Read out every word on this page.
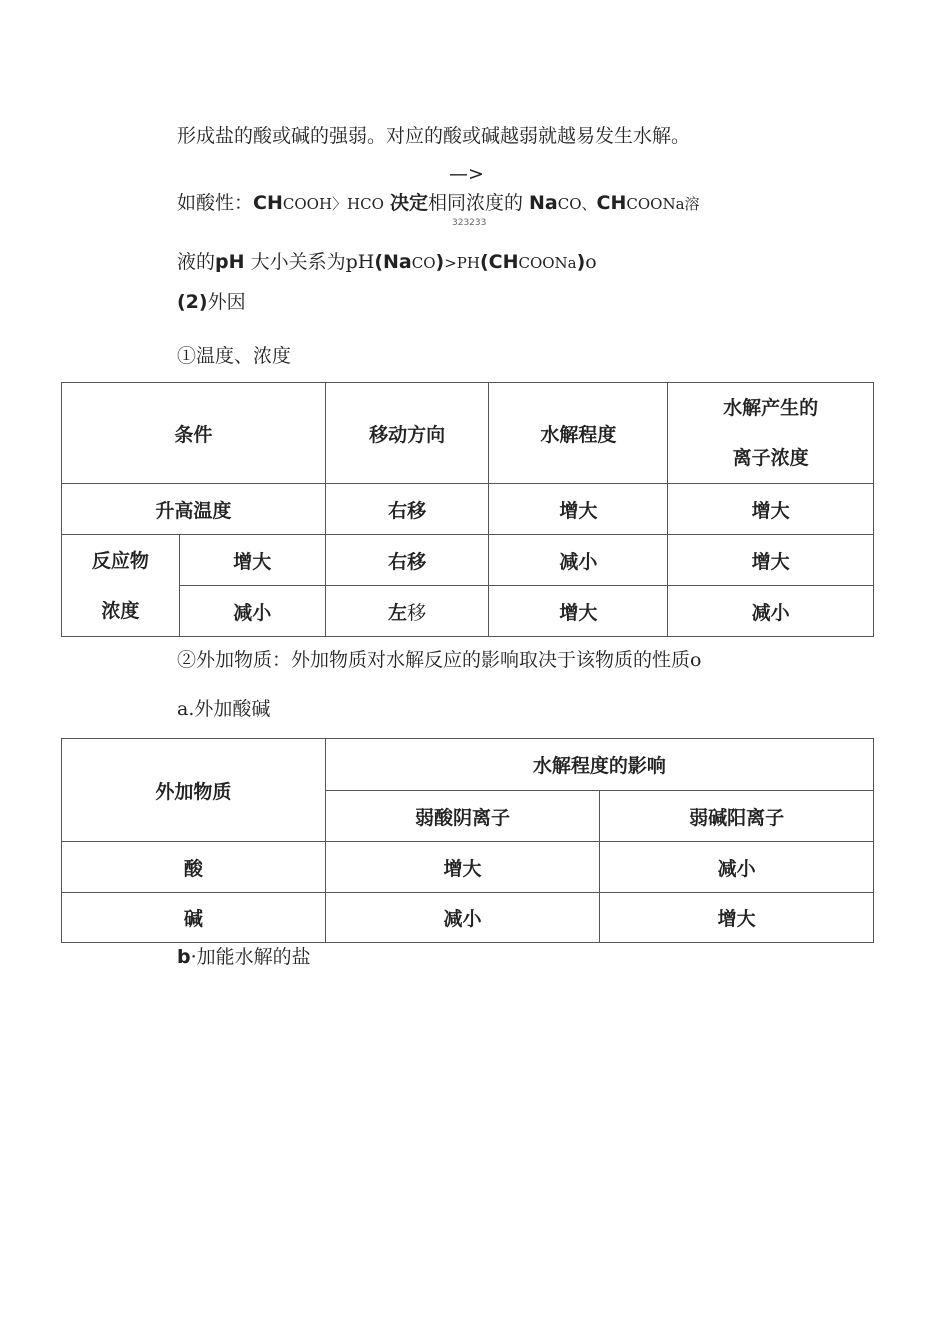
形成盐的酸或碱的强弱。对应的酸或碱越弱就越易发生水解。
—>
如酸性：CHCOOH〉HCO 决定相同浓度的 NaCO、CHCOONa溶
323233
液的pH 大小关系为pH(NaCO)>PH(CHCOONa)o
(2)外因
①温度、浓度
条件		移动方向	水解程度	水解产生的
离子浓度

升高温度		右移	增大	增大

反应物
浓度	增大	右移	减小	增大
	减小	左移	增大	减小
②外加物质：外加物质对水解反应的影响取决于该物质的性质o
a.外加酸碱
外加物质	水解程度的影响	
	弱酸阴离子	弱碱阳离子
酸	增大	减小
碱	减小	增大
b·加能水解的盐
